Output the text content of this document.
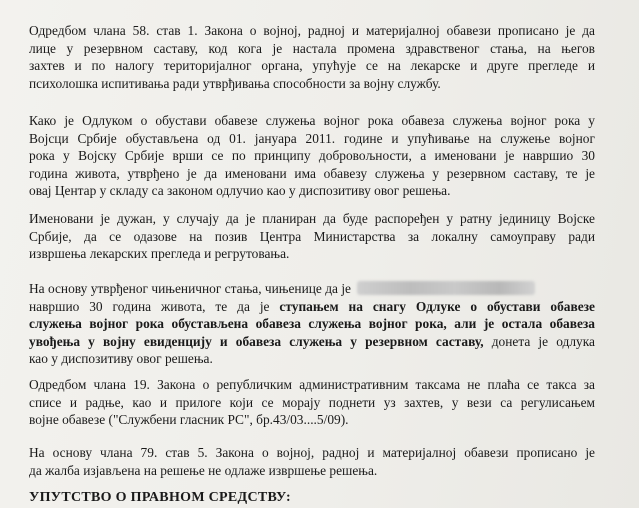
Одредбом члана 58. став 1. Закона о војној, радној и материјалној обавези прописано је да
лице у резервном саставу, код кога је настала промена здравственог стања, на његов
захтев и по налогу територијалног органа, упућује се на лекарске и друге прегледе и
психолошка испитивања ради утврђивања способности за војну службу.
Како је Одлуком о обустави обавезе служења војног рока обавеза служења војног рока у
Војсци Србије обустављена од 01. јануара 2011. године и упућивање на служење војног
рока у Војску Србије врши се по принципу добровољности, а именовани је навршио 30
година живота, утврђено је да именовани има обавезу служења у резервном саставу, те је
овај Центар у складу са законом одлучио као у диспозитиву овог решења.
Именовани је дужан, у случају да је планиран да буде распоређен у ратну јединицу Војске
Србије, да се одазове на позив Центра Министарства за локалну самоуправу ради
извршења лекарских прегледа и регрутовања.
На основу утврђеног чињеничног стања, чињенице да је
навршио 30 година живота, те да је ступањем на снагу Одлуке о обустави обавезе
служења војног рока обустављена обавеза служења војног рока, али је остала обавеза
увођења у војну евиденцију и обавеза служења у резервном саставу, донета је одлука
као у диспозитиву овог решења.
Одредбом члана 19. Закона о републичким административним таксама не плаћа се такса за
списе и радње, као и прилоге који се морају поднети уз захтев, у вези са регулисањем
војне обавезе ("Службени гласник РС", бр.43/03....5/09).
На основу члана 79. став 5. Закона о војној, радној и материјалној обавези прописано је
да жалба изјављена на решење не одлаже извршење решења.
УПУТСТВО О ПРАВНОМ СРЕДСТВУ:
